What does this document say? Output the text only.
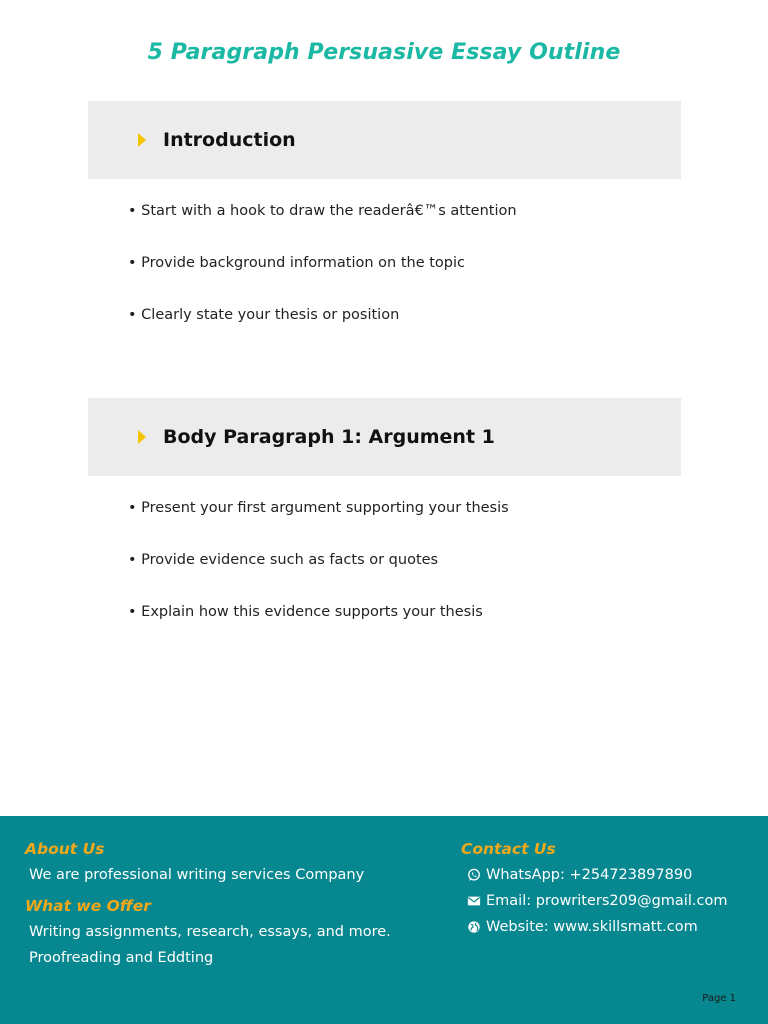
5 Paragraph Persuasive Essay Outline
Introduction
• Start with a hook to draw the readerâ€™s attention
• Provide background information on the topic
• Clearly state your thesis or position
Body Paragraph 1: Argument 1
• Present your first argument supporting your thesis
• Provide evidence such as facts or quotes
• Explain how this evidence supports your thesis
About Us
We are professional writing services Company
What we Offer
Writing assignments, research, essays, and more.
Proofreading and Eddting
Contact Us
WhatsApp: +254723897890
Email: prowriters209@gmail.com
Website: www.skillsmatt.com
Page 1
